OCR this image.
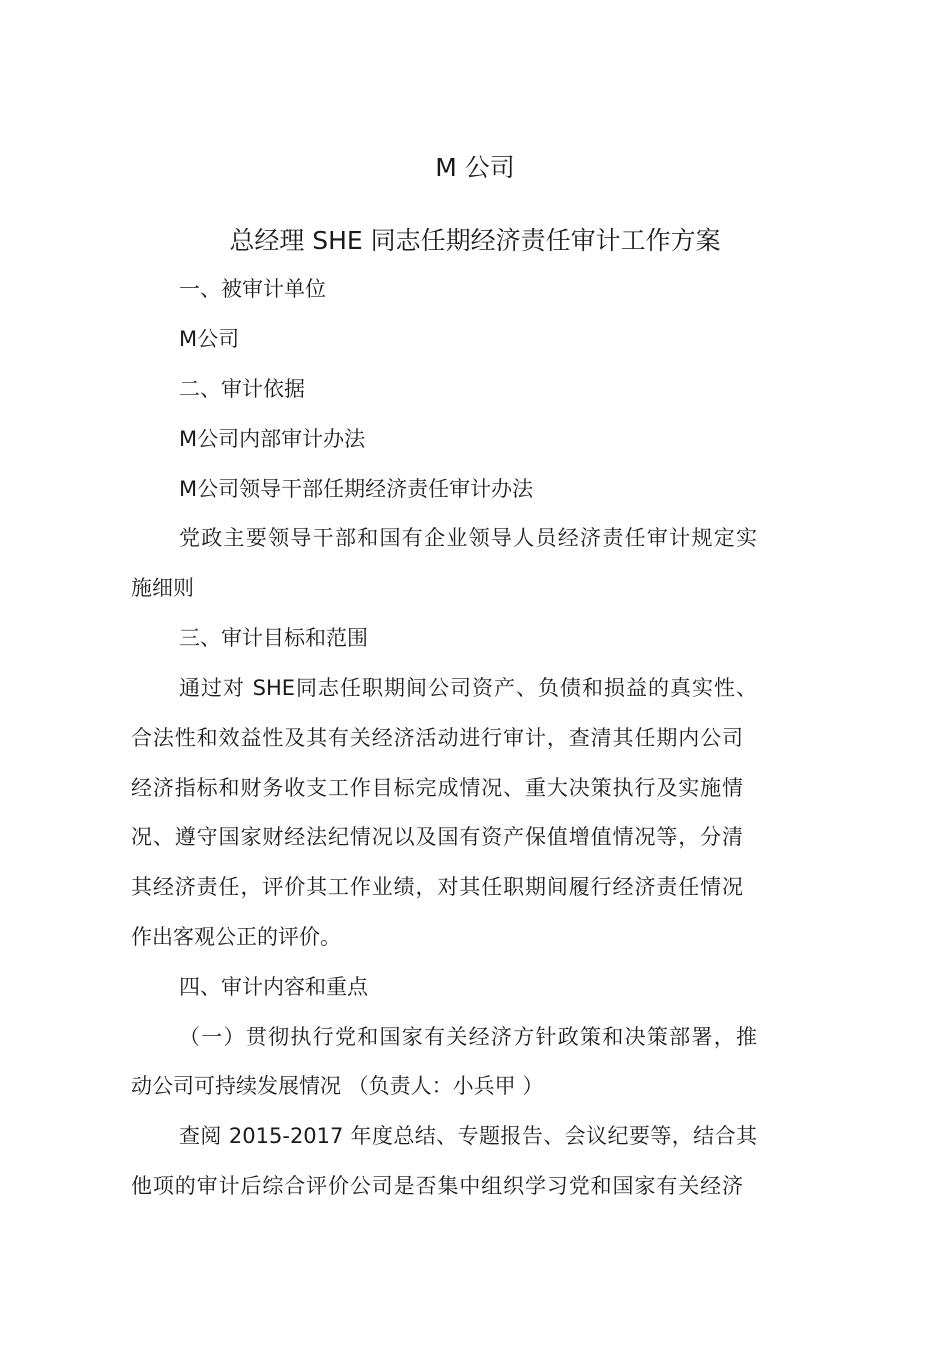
M 公司
总经理 SHE 同志任期经济责任审计工作方案
一、被审计单位
M公司
二、审计依据
M公司内部审计办法
M公司领导干部任期经济责任审计办法
党政主要领导干部和国有企业领导人员经济责任审计规定实
施细则
三、审计目标和范围
通过对 SHE同志任职期间公司资产、负债和损益的真实性、
合法性和效益性及其有关经济活动进行审计，查清其任期内公司
经济指标和财务收支工作目标完成情况、重大决策执行及实施情
况、遵守国家财经法纪情况以及国有资产保值增值情况等，分清
其经济责任，评价其工作业绩，对其任职期间履行经济责任情况
作出客观公正的评价。
四、审计内容和重点
（一）贯彻执行党和国家有关经济方针政策和决策部署，推
动公司可持续发展情况 （负责人：小兵甲 ）
查阅 2015-2017 年度总结、专题报告、会议纪要等，结合其
他项的审计后综合评价公司是否集中组织学习党和国家有关经济
